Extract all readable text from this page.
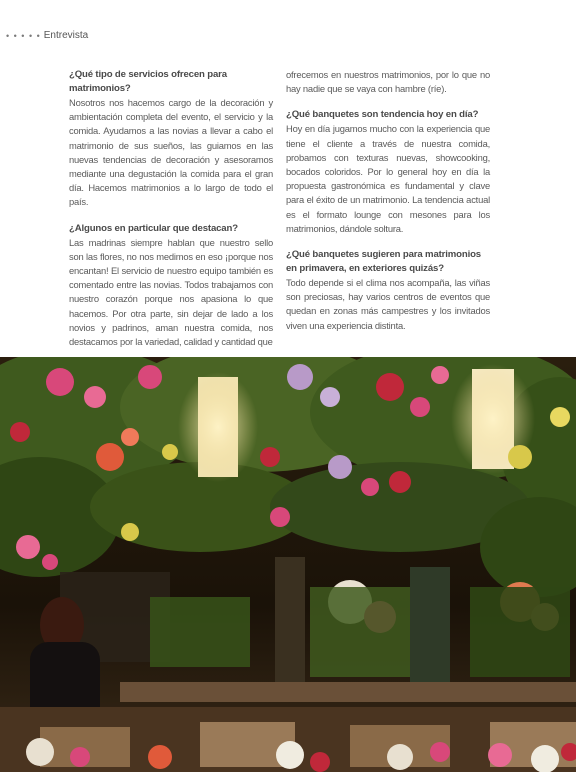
• • • • • Entrevista
¿Qué tipo de servicios ofrecen para matrimonios?
Nosotros nos hacemos cargo de la decoración y ambientación completa del evento, el servicio y la comida. Ayudamos a las novias a llevar a cabo el matrimonio de sus sueños, las guiamos en las nuevas tendencias de decoración y asesoramos mediante una degustación la comida para el gran día. Hacemos matrimonios a lo largo de todo el país.
¿Algunos en particular que destacan?
Las madrinas siempre hablan que nuestro sello son las flores, no nos medimos en eso ¡porque nos encantan! El servicio de nuestro equipo también es comentado entre las novias. Todos trabajamos con nuestro corazón porque nos apasiona lo que hacemos. Por otra parte, sin dejar de lado a los novios y padrinos, aman nuestra comida, nos destacamos por la variedad, calidad y cantidad que
ofrecemos en nuestros matrimonios, por lo que no hay nadie que se vaya con hambre (ríe).
¿Qué banquetes son tendencia hoy en día?
Hoy en día jugamos mucho con la experiencia que tiene el cliente a través de nuestra comida, probamos con texturas nuevas, showcooking, bocados coloridos. Por lo general hoy en día la propuesta gastronómica es fundamental y clave para el éxito de un matrimonio. La tendencia actual es el formato lounge con mesones para los matrimonios, dándole soltura.
¿Qué banquetes sugieren para matrimonios en primavera, en exteriores quizás?
Todo depende si el clima nos acompaña, las viñas son preciosas, hay varios centros de eventos que quedan en zonas más campestres y los invitados viven una experiencia distinta.
